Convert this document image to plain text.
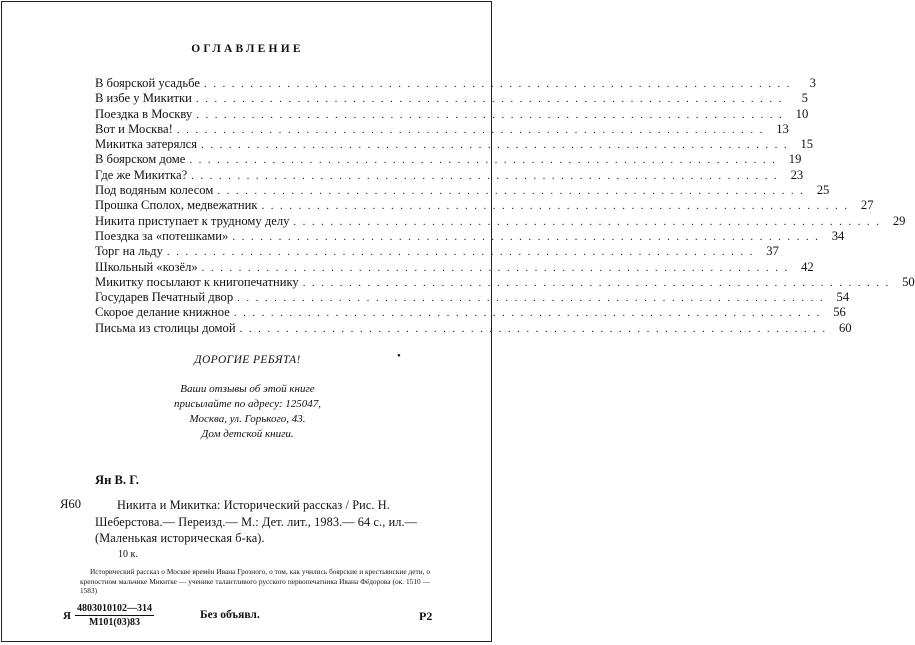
ОГЛАВЛЕНИЕ
В боярской усадьбе ................................................................	3
В избе у Микитки ................................................................	5
Поездка в Москву ................................................................ 10
Вот и Москва! ................................................................ 13
Микитка затерялся ................................................................ 15
В боярском доме ................................................................ 19
Где же Микитка? ................................................................ 23
Под водяным колесом ................................................................ 25
Прошка Сполох, медвежатник ................................................................ 27
Никита приступает к трудному делу ................................................................ 29
Поездка за «потешками» ................................................................ 34
Торг на льду ................................................................ 37
Школьный «козёл» ................................................................ 42
Микитку посылают к книгопечатнику ................................................................ 50
Государев Печатный двор ................................................................ 54
Скорое делание книжное ................................................................ 56
Письма из столицы домой ................................................................ 60
ДОРОГИЕ РЕБЯТА!	•
Ваши отзывы об этой книге
присылайте по адресу: 125047,
Москва, ул. Горького, 43.
Дом детской книги.
Ян В. Г.
Я60	Никита и Микитка: Исторический рассказ / Рис. Н. Шеберстова.— Переизд.— М.: Дет. лит., 1983.— 64 с., ил.— (Маленькая историческая б-ка).
10 к.
Исторический рассказ о Москве времён Ивана Грозного, о том, как учились боярские и крестьянские дети, о крепостном мальчике Микитке — ученике талантливого русского первопечатника Ивана Фёдорова (ок. 1510 — 1583)
Я
4803010102—314
М101(03)83
Без объявл.	Р2
